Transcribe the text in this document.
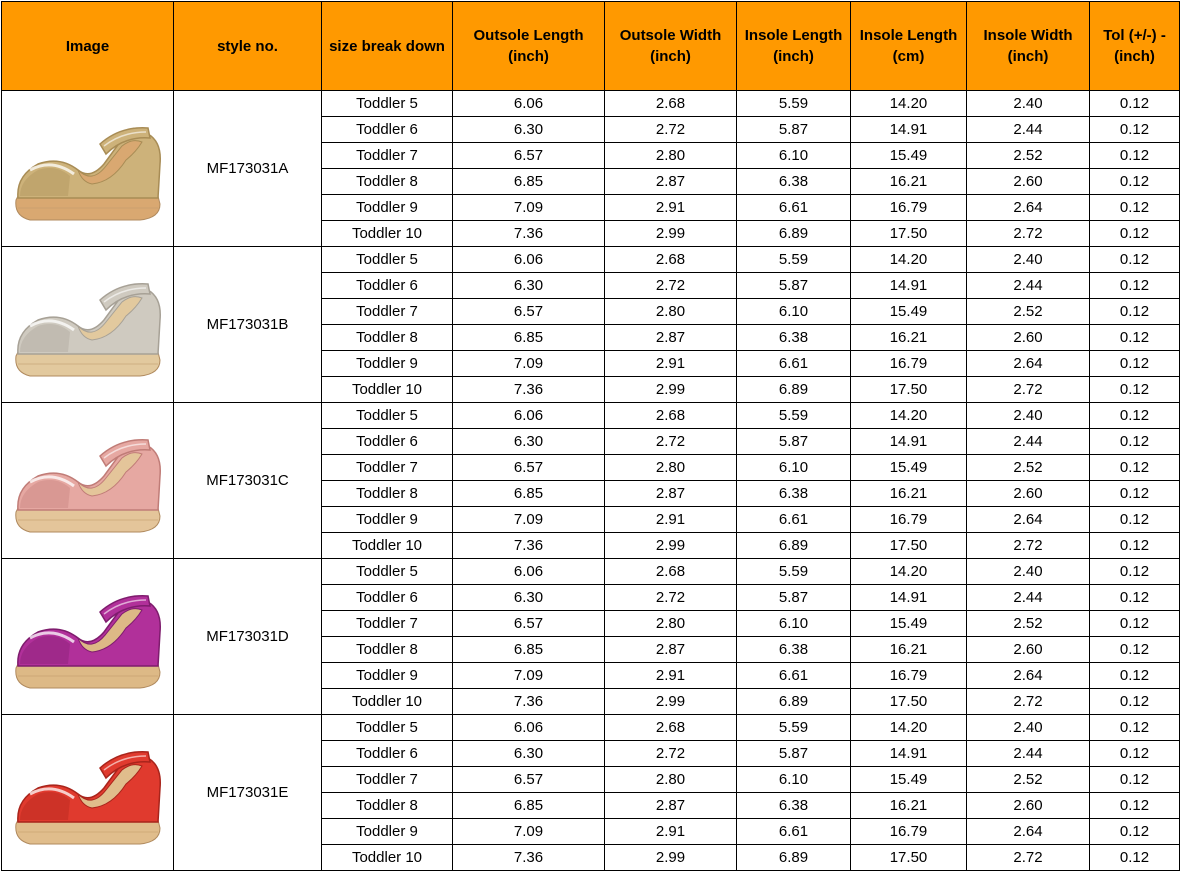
Image	style no.	size break down	Outsole Length (inch)	Outsole Width (inch)	Insole Length (inch)	Insole Length (cm)	Insole Width (inch)	Tol (+/-) - (inch)

	MF173031A	Toddler 5	6.06	2.68	5.59	14.20	2.40	0.12
		Toddler 6	6.30	2.72	5.87	14.91	2.44	0.12
		Toddler 7	6.57	2.80	6.10	15.49	2.52	0.12
		Toddler 8	6.85	2.87	6.38	16.21	2.60	0.12
		Toddler 9	7.09	2.91	6.61	16.79	2.64	0.12
		Toddler 10	7.36	2.99	6.89	17.50	2.72	0.12

	MF173031B	Toddler 5	6.06	2.68	5.59	14.20	2.40	0.12
		Toddler 6	6.30	2.72	5.87	14.91	2.44	0.12
		Toddler 7	6.57	2.80	6.10	15.49	2.52	0.12
		Toddler 8	6.85	2.87	6.38	16.21	2.60	0.12
		Toddler 9	7.09	2.91	6.61	16.79	2.64	0.12
		Toddler 10	7.36	2.99	6.89	17.50	2.72	0.12

	MF173031C	Toddler 5	6.06	2.68	5.59	14.20	2.40	0.12
		Toddler 6	6.30	2.72	5.87	14.91	2.44	0.12
		Toddler 7	6.57	2.80	6.10	15.49	2.52	0.12
		Toddler 8	6.85	2.87	6.38	16.21	2.60	0.12
		Toddler 9	7.09	2.91	6.61	16.79	2.64	0.12
		Toddler 10	7.36	2.99	6.89	17.50	2.72	0.12

	MF173031D	Toddler 5	6.06	2.68	5.59	14.20	2.40	0.12
		Toddler 6	6.30	2.72	5.87	14.91	2.44	0.12
		Toddler 7	6.57	2.80	6.10	15.49	2.52	0.12
		Toddler 8	6.85	2.87	6.38	16.21	2.60	0.12
		Toddler 9	7.09	2.91	6.61	16.79	2.64	0.12
		Toddler 10	7.36	2.99	6.89	17.50	2.72	0.12

	MF173031E	Toddler 5	6.06	2.68	5.59	14.20	2.40	0.12
		Toddler 6	6.30	2.72	5.87	14.91	2.44	0.12
		Toddler 7	6.57	2.80	6.10	15.49	2.52	0.12
		Toddler 8	6.85	2.87	6.38	16.21	2.60	0.12
		Toddler 9	7.09	2.91	6.61	16.79	2.64	0.12
		Toddler 10	7.36	2.99	6.89	17.50	2.72	0.12
